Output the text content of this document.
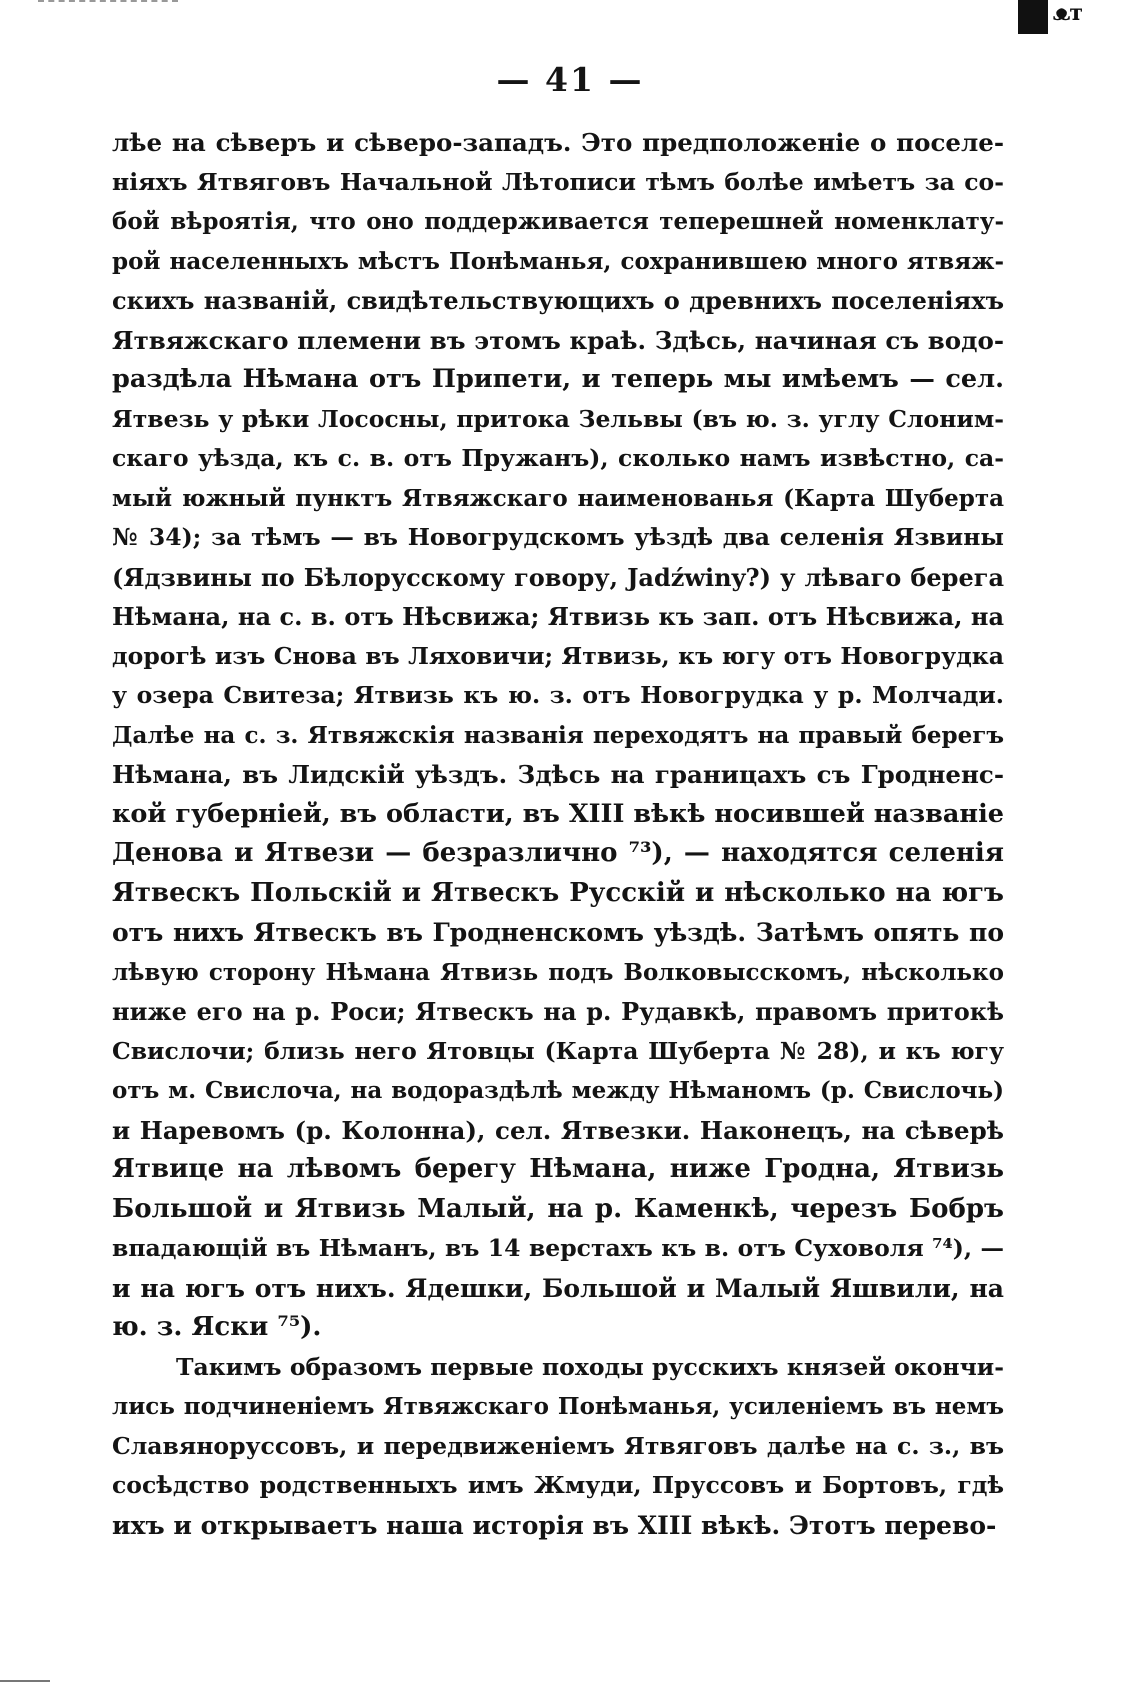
ᴥт
— 41 —
лѣе на сѣверъ и сѣверо-западъ. Это предположеніе о поселе-
ніяхъ Ятвяговъ Начальной Лѣтописи тѣмъ болѣе имѣетъ за со-
бой вѣроятія, что оно поддерживается теперешней номенклату-
рой населенныхъ мѣстъ Понѣманья, сохранившею много ятвяж-
скихъ названій, свидѣтельствующихъ о древнихъ поселеніяхъ
Ятвяжскаго племени въ этомъ краѣ. Здѣсь, начиная съ водо-
раздѣла Нѣмана отъ Припети, и теперь мы имѣемъ — сел.
Ятвезь у рѣки Лососны, притока Зельвы (въ ю. з. углу Слоним-
скаго уѣзда, къ с. в. отъ Пружанъ), сколько намъ извѣстно, са-
мый южный пунктъ Ятвяжскаго наименованья (Карта Шуберта
№ 34); за тѣмъ — въ Новогрудскомъ уѣздѣ два селенія Язвины
(Ядзвины по Бѣлорусскому говору, Jadźwiny?) у лѣваго берега
Нѣмана, на с. в. отъ Нѣсвижа; Ятвизь къ зап. отъ Нѣсвижа, на
дорогѣ изъ Снова въ Ляховичи; Ятвизь, къ югу отъ Новогрудка
у озера Свитеза; Ятвизь къ ю. з. отъ Новогрудка у р. Молчади.
Далѣе на с. з. Ятвяжскія названія переходятъ на правый берегъ
Нѣмана, въ Лидскій уѣздъ. Здѣсь на границахъ съ Гродненс-
кой губерніей, въ области, въ XIII вѣкѣ носившей названіе
Денова и Ятвези — безразлично ⁷³), — находятся селенія
Ятвескъ Польскій и Ятвескъ Русскій и нѣсколько на югъ
отъ нихъ Ятвескъ въ Гродненскомъ уѣздѣ. Затѣмъ опять по
лѣвую сторону Нѣмана Ятвизь подъ Волковысскомъ, нѣсколько
ниже его на р. Роси; Ятвескъ на р. Рудавкѣ, правомъ притокѣ
Свислочи; близь него Ятовцы (Карта Шуберта № 28), и къ югу
отъ м. Свислоча, на водораздѣлѣ между Нѣманомъ (р. Свислочь)
и Наревомъ (р. Колонна), сел. Ятвезки. Наконецъ, на сѣверѣ
Ятвице на лѣвомъ берегу Нѣмана, ниже Гродна, Ятвизь
Большой и Ятвизь Малый, на р. Каменкѣ, черезъ Бобръ
впадающій въ Нѣманъ, въ 14 верстахъ къ в. отъ Суховоля ⁷⁴), —
и на югъ отъ нихъ. Ядешки, Большой и Малый Яшвили, на
ю. з. Яски ⁷⁵).
Такимъ образомъ первые походы русскихъ князей окончи-
лись подчиненіемъ Ятвяжскаго Понѣманья, усиленіемъ въ немъ
Славяноруссовъ, и передвиженіемъ Ятвяговъ далѣе на с. з., въ
сосѣдство родственныхъ имъ Жмуди, Пруссовъ и Бортовъ, гдѣ
ихъ и открываетъ наша исторія въ XIII вѣкѣ. Этотъ перево-
